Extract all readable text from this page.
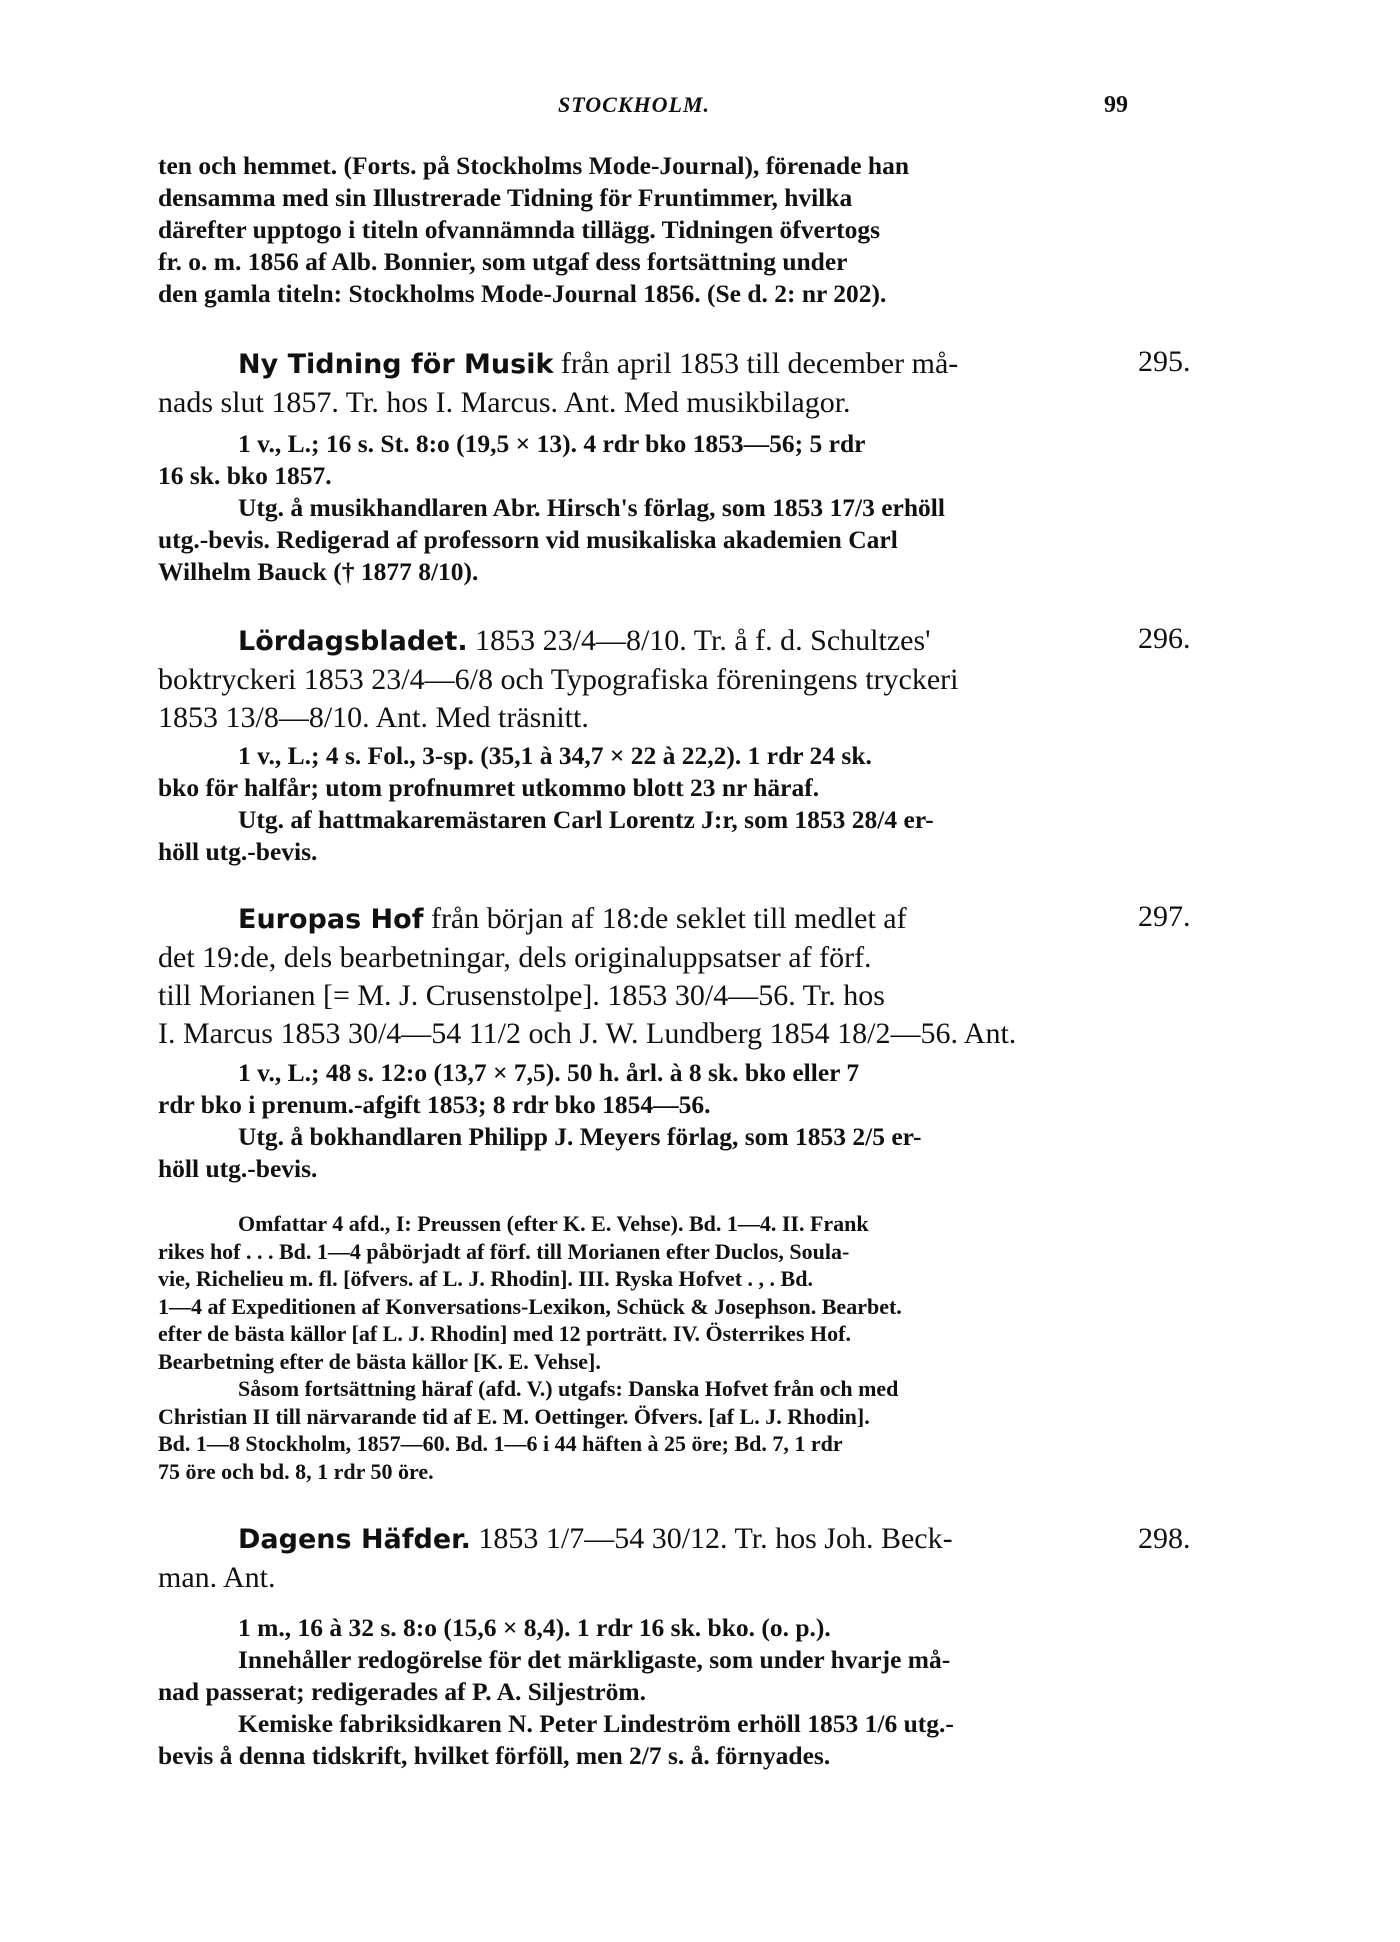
STOCKHOLM.	99
ten och hemmet. (Forts. på Stockholms Mode-Journal), förenade han
densamma med sin Illustrerade Tidning för Fruntimmer, hvilka
därefter upptogo i titeln ofvannämnda tillägg. Tidningen öfvertogs
fr. o. m. 1856 af Alb. Bonnier, som utgaf dess fortsättning under
den gamla titeln: Stockholms Mode-Journal 1856. (Se d. 2: nr 202).
Ny Tidning för Musik från april 1853 till december må-
nads slut 1857. Tr. hos I. Marcus. Ant. Med musikbilagor.
295.
1 v., L.; 16 s. St. 8:o (19,5 × 13). 4 rdr bko 1853—56; 5 rdr
16 sk. bko 1857.
Utg. å musikhandlaren Abr. Hirsch's förlag, som 1853 17/3 erhöll
utg.-bevis. Redigerad af professorn vid musikaliska akademien Carl
Wilhelm Bauck († 1877 8/10).
Lördagsbladet. 1853 23/4—8/10. Tr. å f. d. Schultzes'
boktryckeri 1853 23/4—6/8 och Typografiska föreningens tryckeri
1853 13/8—8/10. Ant. Med träsnitt.
296.
1 v., L.; 4 s. Fol., 3-sp. (35,1 à 34,7 × 22 à 22,2). 1 rdr 24 sk.
bko för halfår; utom profnumret utkommo blott 23 nr häraf.
Utg. af hattmakaremästaren Carl Lorentz J:r, som 1853 28/4 er-
höll utg.-bevis.
Europas Hof från början af 18:de seklet till medlet af
det 19:de, dels bearbetningar, dels originaluppsatser af förf.
till Morianen [= M. J. Crusenstolpe]. 1853 30/4—56. Tr. hos
I. Marcus 1853 30/4—54 11/2 och J. W. Lundberg 1854 18/2—56. Ant.
297.
1 v., L.; 48 s. 12:o (13,7 × 7,5). 50 h. årl. à 8 sk. bko eller 7
rdr bko i prenum.-afgift 1853; 8 rdr bko 1854—56.
Utg. å bokhandlaren Philipp J. Meyers förlag, som 1853 2/5 er-
höll utg.-bevis.
Omfattar 4 afd., I: Preussen (efter K. E. Vehse). Bd. 1—4. II. Frank
rikes hof . . . Bd. 1—4 påbörjadt af förf. till Morianen efter Duclos, Soula-
vie, Richelieu m. fl. [öfvers. af L. J. Rhodin]. III. Ryska Hofvet . , . Bd.
1—4 af Expeditionen af Konversations-Lexikon, Schück & Josephson. Bearbet.
efter de bästa källor [af L. J. Rhodin] med 12 porträtt. IV. Österrikes Hof.
Bearbetning efter de bästa källor [K. E. Vehse].
Såsom fortsättning häraf (afd. V.) utgafs: Danska Hofvet från och med
Christian II till närvarande tid af E. M. Oettinger. Öfvers. [af L. J. Rhodin].
Bd. 1—8 Stockholm, 1857—60. Bd. 1—6 i 44 häften à 25 öre; Bd. 7, 1 rdr
75 öre och bd. 8, 1 rdr 50 öre.
Dagens Häfder. 1853 1/7—54 30/12. Tr. hos Joh. Beck-
man. Ant.
298.
1 m., 16 à 32 s. 8:o (15,6 × 8,4). 1 rdr 16 sk. bko. (o. p.).
Innehåller redogörelse för det märkligaste, som under hvarje må-
nad passerat; redigerades af P. A. Siljeström.
Kemiske fabriksidkaren N. Peter Lindeström erhöll 1853 1/6 utg.-
bevis å denna tidskrift, hvilket förföll, men 2/7 s. å. förnyades.
